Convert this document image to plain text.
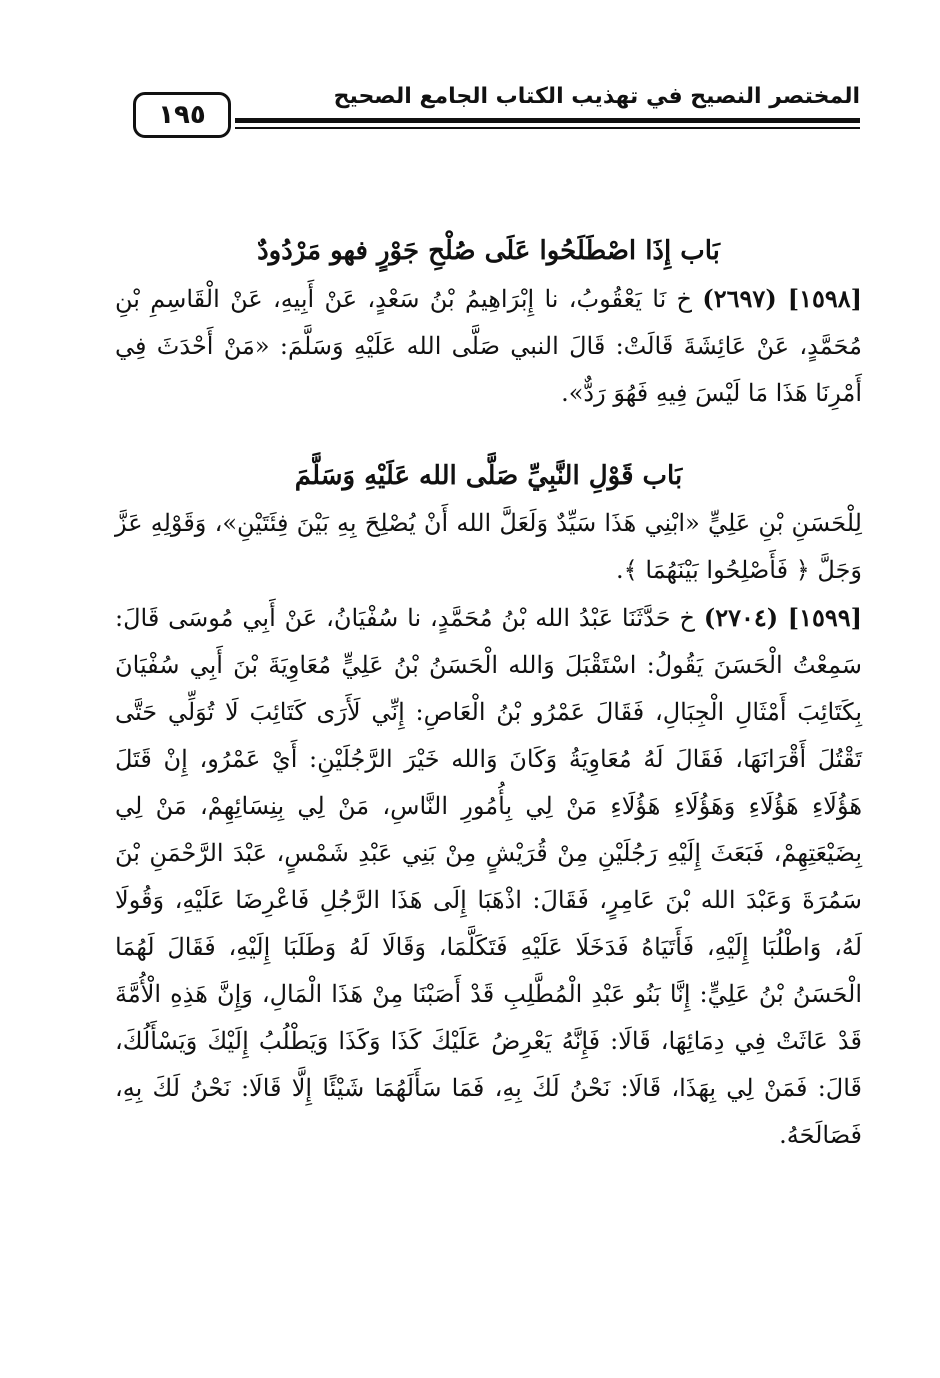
المختصر النصيح في تهذيب الكتاب الجامع الصحيح
١٩٥

بَاب إِذَا اصْطَلَحُوا عَلَى صُلْحِ جَوْرٍ فهو مَرْدُودٌ

[١٥٩٨] (٢٦٩٧) خ نَا يَعْقُوبُ، نا إِبْرَاهِيمُ بْنُ سَعْدٍ، عَنْ أَبِيهِ، عَنْ الْقَاسِمِ بْنِ مُحَمَّدٍ، عَنْ عَائِشَةَ قَالَتْ: قَالَ النبي صَلَّى الله عَلَيْهِ وَسَلَّمَ: «مَنْ أَحْدَثَ فِي أَمْرِنَا هَذَا مَا لَيْسَ فِيهِ فَهُوَ رَدٌّ».

بَاب قَوْلِ النَّبِيِّ صَلَّى الله عَلَيْهِ وَسَلَّمَ

لِلْحَسَنِ بْنِ عَلِيٍّ «ابْنِي هَذَا سَيِّدٌ وَلَعَلَّ الله أَنْ يُصْلِحَ بِهِ بَيْنَ فِئَتَيْنِ»، وَقَوْلِهِ عَزَّ وَجَلَّ ﴿ فَأَصْلِحُوا بَيْنَهُمَا ﴾.

[١٥٩٩] (٢٧٠٤) خ حَدَّثَنَا عَبْدُ الله بْنُ مُحَمَّدٍ، نا سُفْيَانُ، عَنْ أَبِي مُوسَى قَالَ: سَمِعْتُ الْحَسَنَ يَقُولُ: اسْتَقْبَلَ وَالله الْحَسَنُ بْنُ عَلِيٍّ مُعَاوِيَةَ بْنَ أَبِي سُفْيَانَ بِكَتَائِبَ أَمْثَالِ الْجِبَالِ، فَقَالَ عَمْرُو بْنُ الْعَاصِ: إِنِّي لَأَرَى كَتَائِبَ لَا تُوَلِّي حَتَّى تَقْتُلَ أَقْرَانَهَا، فَقَالَ لَهُ مُعَاوِيَةُ وَكَانَ وَالله خَيْرَ الرَّجُلَيْنِ: أَيْ عَمْرُو، إِنْ قَتَلَ هَؤُلَاءِ هَؤُلَاءِ وَهَؤُلَاءِ هَؤُلَاءِ مَنْ لِي بِأُمُورِ النَّاسِ، مَنْ لِي بِنِسَائِهِمْ، مَنْ لِي بِضَيْعَتِهِمْ، فَبَعَثَ إِلَيْهِ رَجُلَيْنِ مِنْ قُرَيْشٍ مِنْ بَنِي عَبْدِ شَمْسٍ، عَبْدَ الرَّحْمَنِ بْنَ سَمُرَةَ وَعَبْدَ الله بْنَ عَامِرٍ، فَقَالَ: اذْهَبَا إِلَى هَذَا الرَّجُلِ فَاعْرِضَا عَلَيْهِ، وَقُولَا لَهُ، وَاطْلُبَا إِلَيْهِ، فَأَتَيَاهُ فَدَخَلَا عَلَيْهِ فَتَكَلَّمَا، وَقَالَا لَهُ وَطَلَبَا إِلَيْهِ، فَقَالَ لَهُمَا الْحَسَنُ بْنُ عَلِيٍّ: إِنَّا بَنُو عَبْدِ الْمُطَّلِبِ قَدْ أَصَبْنَا مِنْ هَذَا الْمَالِ، وَإِنَّ هَذِهِ الْأُمَّةَ قَدْ عَاثَتْ فِي دِمَائِهَا، قَالَا: فَإِنَّهُ يَعْرِضُ عَلَيْكَ كَذَا وَكَذَا وَيَطْلُبُ إِلَيْكَ وَيَسْأَلُكَ، قَالَ: فَمَنْ لِي بِهَذَا، قَالَا: نَحْنُ لَكَ بِهِ، فَمَا سَأَلَهُمَا شَيْئًا إِلَّا قَالَا: نَحْنُ لَكَ بِهِ، فَصَالَحَهُ.
